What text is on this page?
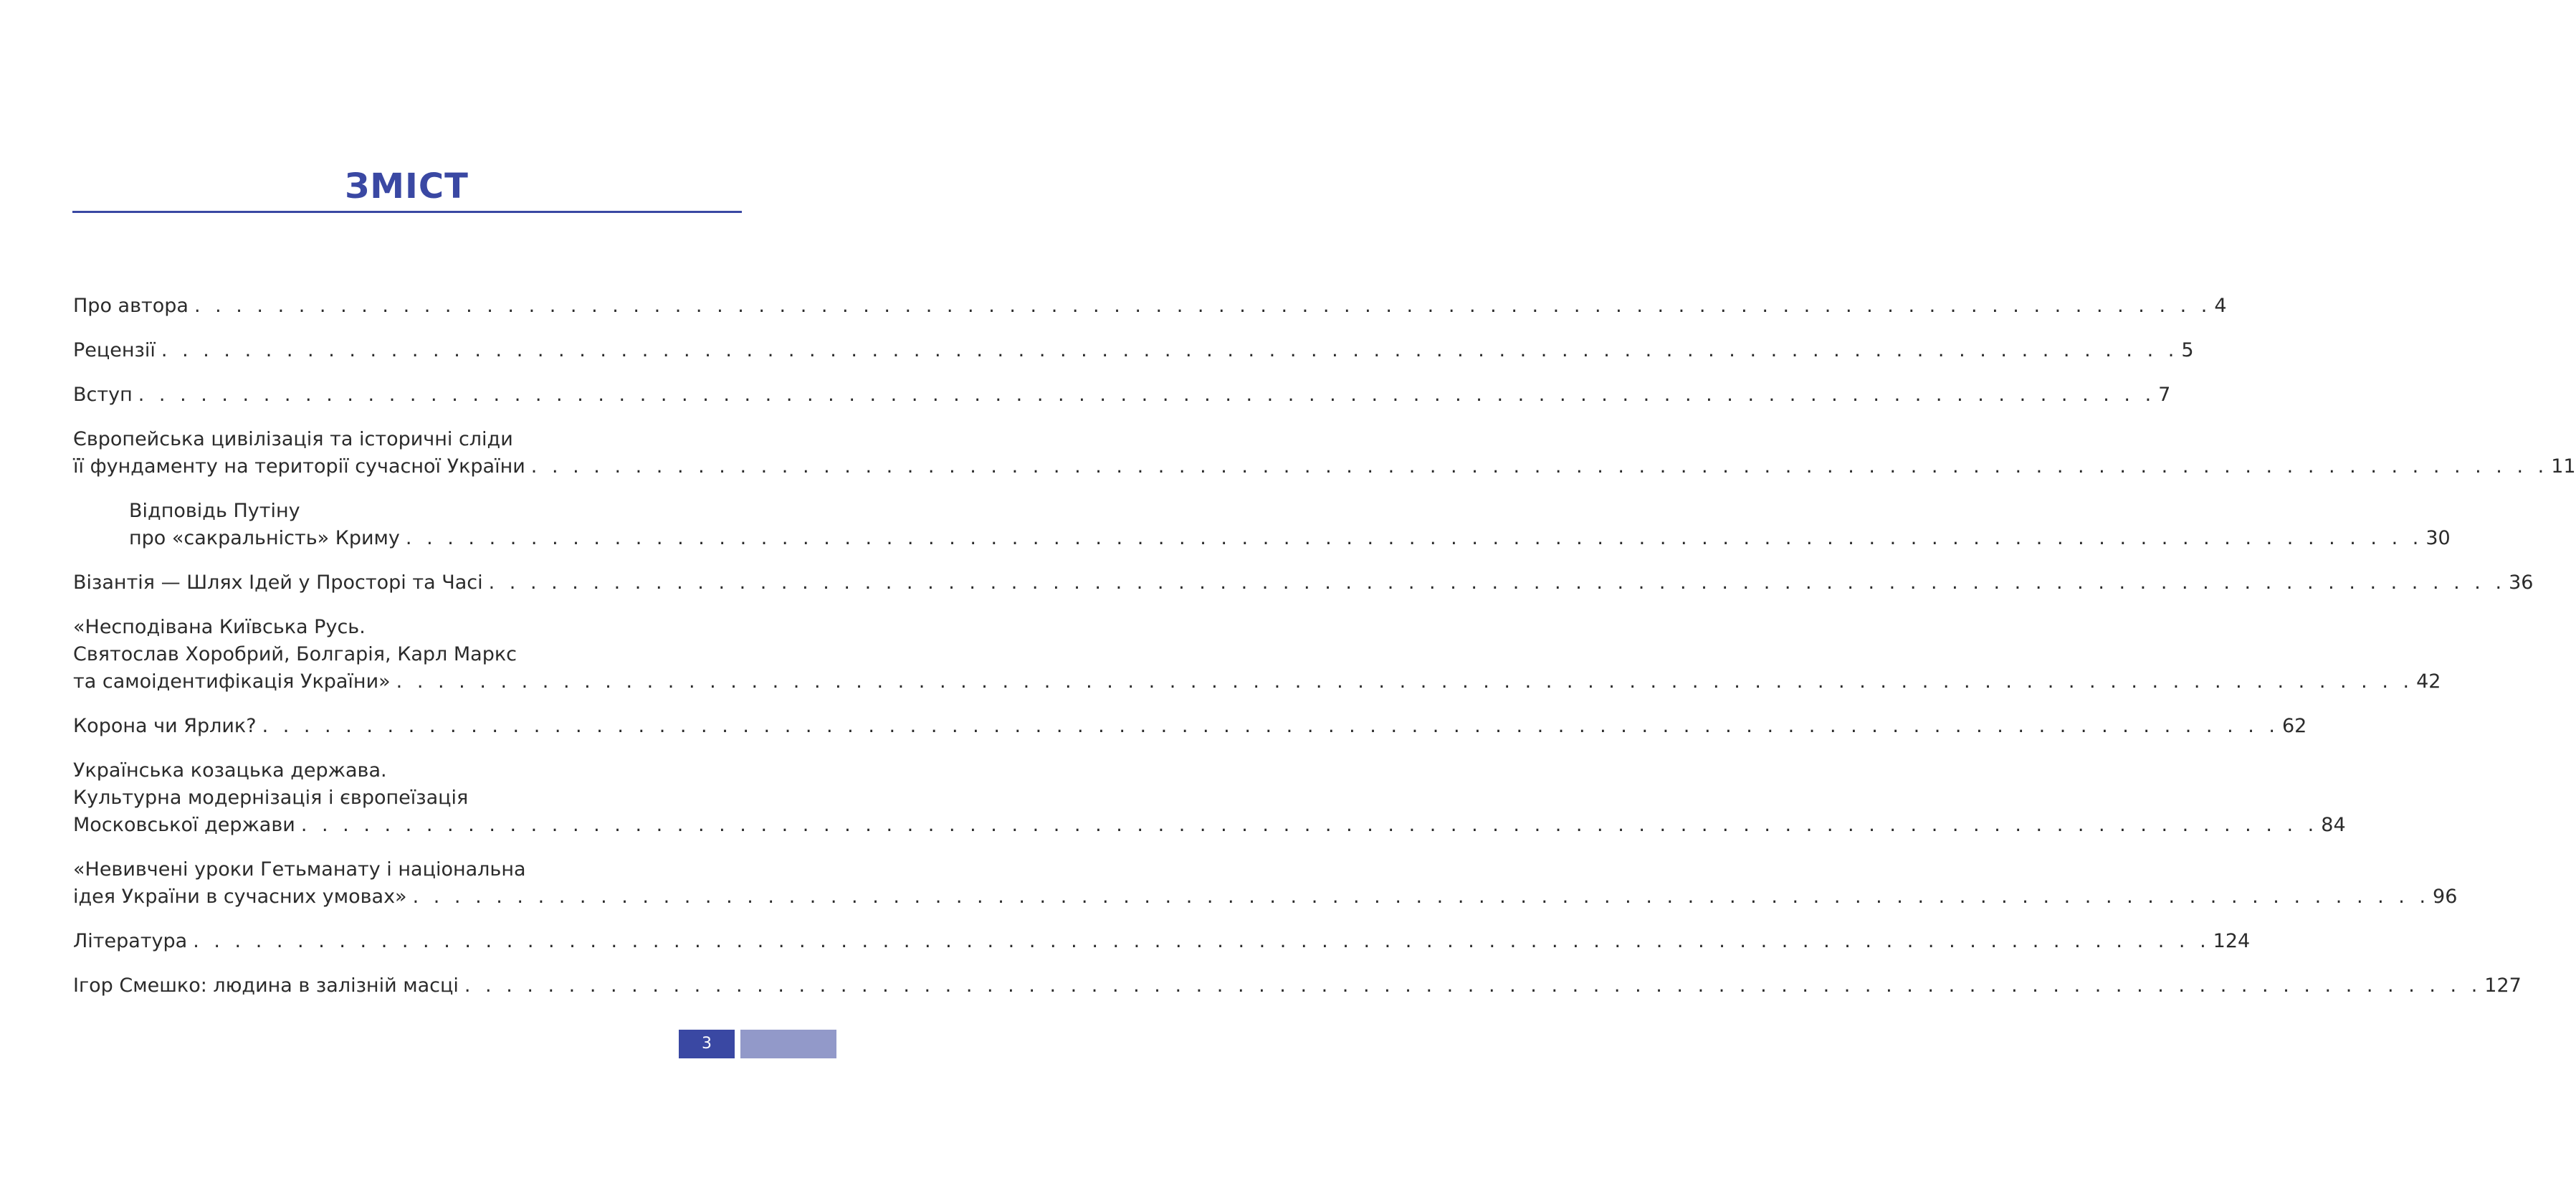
ЗМІСТ
Про автора . . . . . . . . . . . . . . . . . . . . . . . . . . . . . . . . . . . . . . . . . . . . . . . . . . . . . . . . . . . . . . . . . . . . . . . . . . . . . . . . . . . . . . . . . . . . . . . . . 4
Рецензії . . . . . . . . . . . . . . . . . . . . . . . . . . . . . . . . . . . . . . . . . . . . . . . . . . . . . . . . . . . . . . . . . . . . . . . . . . . . . . . . . . . . . . . . . . . . . . . . . 5
Вступ . . . . . . . . . . . . . . . . . . . . . . . . . . . . . . . . . . . . . . . . . . . . . . . . . . . . . . . . . . . . . . . . . . . . . . . . . . . . . . . . . . . . . . . . . . . . . . . . . 7
Європейська цивілізація та історичні сліди
її фундаменту на території сучасної України . . . . . . . . . . . . . . . . . . . . . . . . . . . . . . . . . . . . . . . . . . . . . . . . . . . . . . . . . . . . . . . . . . . . . . . . . . . . . . . . . . . . . . . . . . . . . . . . . 11
Відповідь Путіну
про «сакральність» Криму . . . . . . . . . . . . . . . . . . . . . . . . . . . . . . . . . . . . . . . . . . . . . . . . . . . . . . . . . . . . . . . . . . . . . . . . . . . . . . . . . . . . . . . . . . . . . . . . . 30
Візантія — Шлях Ідей у Просторі та Часі . . . . . . . . . . . . . . . . . . . . . . . . . . . . . . . . . . . . . . . . . . . . . . . . . . . . . . . . . . . . . . . . . . . . . . . . . . . . . . . . . . . . . . . . . . . . . . . . . 36
«Несподівана Київська Русь.
Святослав Хоробрий, Болгарія, Карл Маркс
та самоідентифікація України» . . . . . . . . . . . . . . . . . . . . . . . . . . . . . . . . . . . . . . . . . . . . . . . . . . . . . . . . . . . . . . . . . . . . . . . . . . . . . . . . . . . . . . . . . . . . . . . . . 42
Корона чи Ярлик? . . . . . . . . . . . . . . . . . . . . . . . . . . . . . . . . . . . . . . . . . . . . . . . . . . . . . . . . . . . . . . . . . . . . . . . . . . . . . . . . . . . . . . . . . . . . . . . . . 62
Українська козацька держава.
Культурна модернізація і європеїзація
Московської держави . . . . . . . . . . . . . . . . . . . . . . . . . . . . . . . . . . . . . . . . . . . . . . . . . . . . . . . . . . . . . . . . . . . . . . . . . . . . . . . . . . . . . . . . . . . . . . . . . 84
«Невивчені уроки Гетьманату і національна
ідея України в сучасних умовах» . . . . . . . . . . . . . . . . . . . . . . . . . . . . . . . . . . . . . . . . . . . . . . . . . . . . . . . . . . . . . . . . . . . . . . . . . . . . . . . . . . . . . . . . . . . . . . . . . 96
Література . . . . . . . . . . . . . . . . . . . . . . . . . . . . . . . . . . . . . . . . . . . . . . . . . . . . . . . . . . . . . . . . . . . . . . . . . . . . . . . . . . . . . . . . . . . . . . . . . 124
Ігор Смешко: людина в залізній масці . . . . . . . . . . . . . . . . . . . . . . . . . . . . . . . . . . . . . . . . . . . . . . . . . . . . . . . . . . . . . . . . . . . . . . . . . . . . . . . . . . . . . . . . . . . . . . . . . 127
3
